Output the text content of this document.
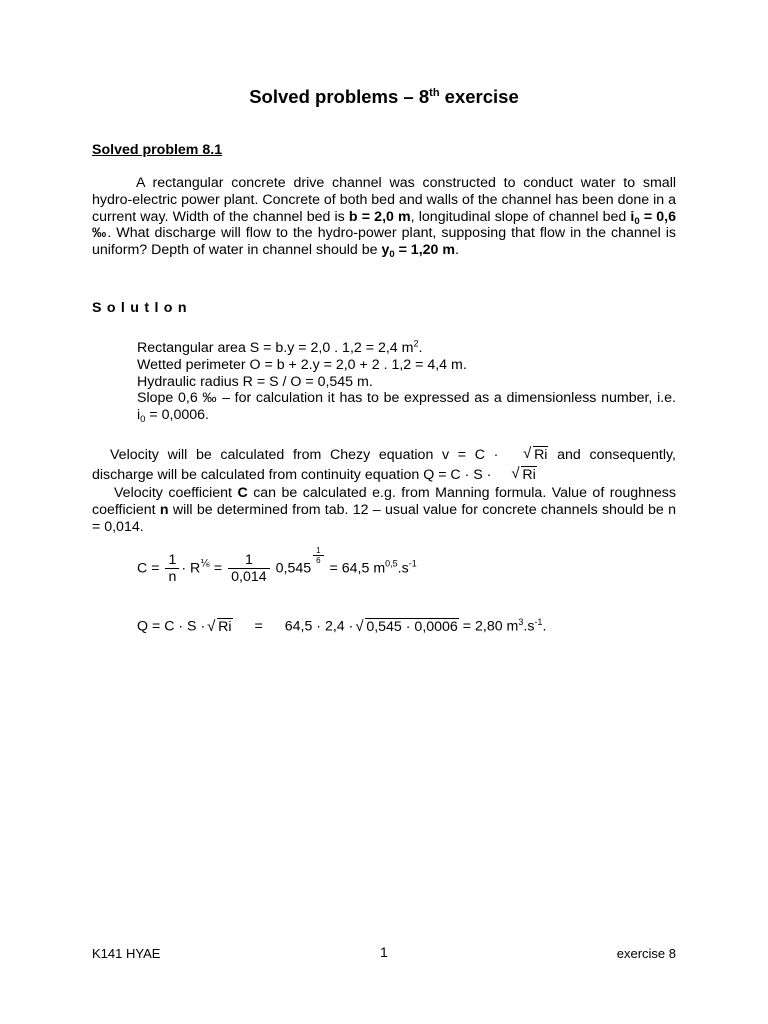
Solved problems – 8th exercise
Solved problem 8.1
A rectangular concrete drive channel was constructed to conduct water to small hydro-electric power plant. Concrete of both bed and walls of the channel has been done in a current way. Width of the channel bed is b = 2,0 m, longitudinal slope of channel bed $i_0 = 0,6$ ‰. What discharge will flow to the hydro-power plant, supposing that flow in the channel is uniform? Depth of water in channel should be $y_0 = 1,20$ m.
Solutlon
Rectangular area S = b.y = 2,0 . 1,2 = 2,4 $m^2$.
Wetted perimeter O = b + 2.y = 2,0 + 2 . 1,2 = 4,4 m.
Hydraulic radius R = S / O = 0,545 m.
Slope 0,6 ‰ – for calculation it has to be expressed as a dimensionless number, i.e. $i_0 = 0,0006$.
Velocity will be calculated from Chezy equation v = C · √ Ri and consequently, discharge will be calculated from continuity equation Q = C · S · √ Ri
Velocity coefficient C can be calculated e.g. from Manning formula. Value of roughness coefficient n will be determined from tab. 12 – usual value for concrete channels should be n = 0,014.
$C = \frac{1}{n} \cdot R^{\frac{1}{6}} = \frac{1}{0,014} 0,545$
$\frac{1}{6}$
= 64,5 $m^{0,5}.s^{-1}$
Q = C · S · √ Ri = 64,5 · 2,4 · √ 0,545 · 0,0006 = 2,80 $m^3.s^{-1}$.
K141 HYAE	1	exercise 8
